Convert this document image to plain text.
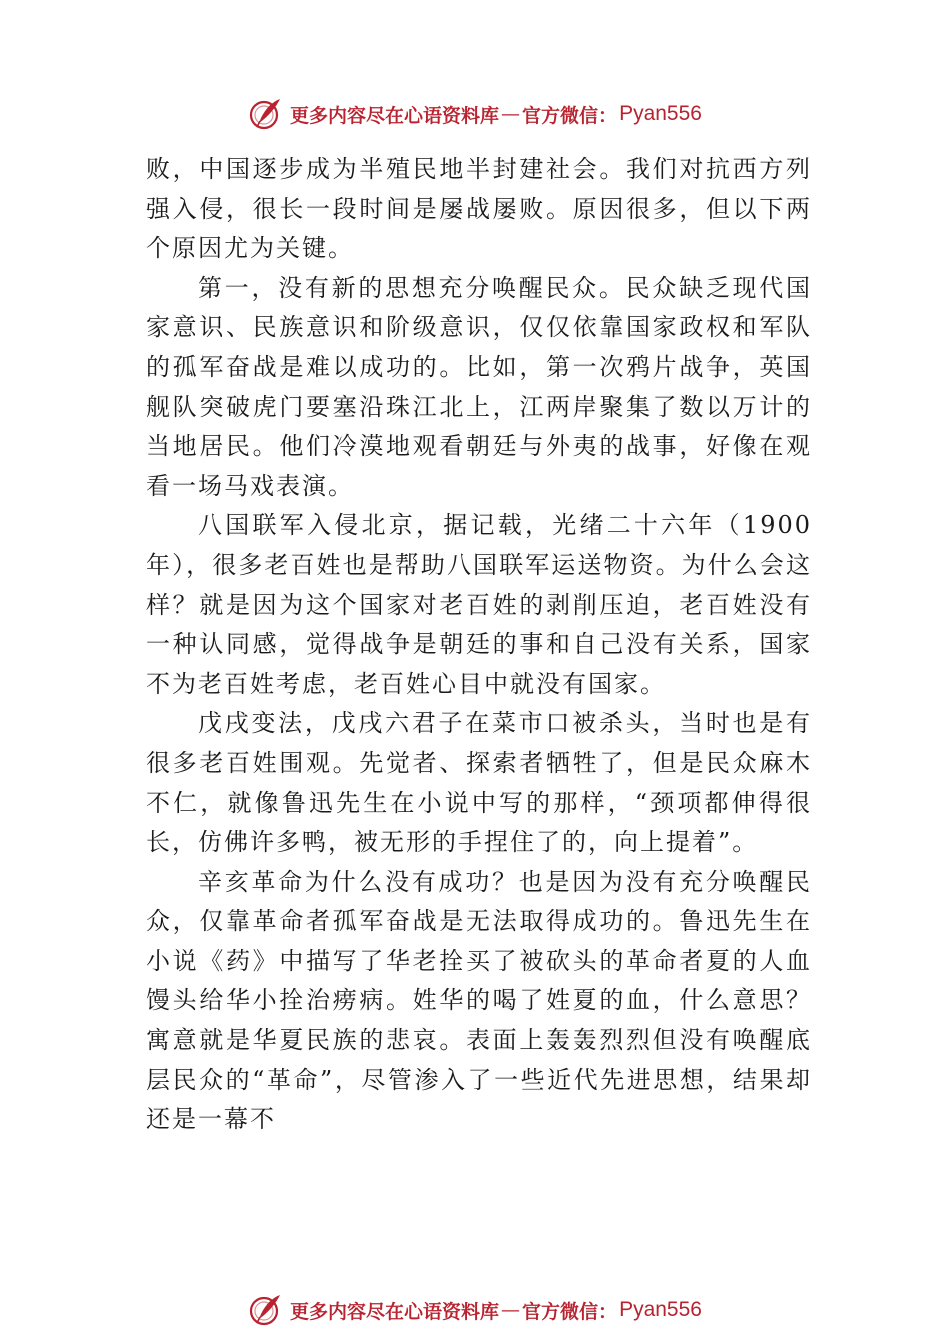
更多内容尽在心语资料库 — 官方微信： Pyan556

败，中国逐步成为半殖民地半封建社会。我们对抗西方列强入侵，很长一段时间是屡战屡败。原因很多，但以下两个原因尤为关键。

第一，没有新的思想充分唤醒民众。民众缺乏现代国家意识、民族意识和阶级意识，仅仅依靠国家政权和军队的孤军奋战是难以成功的。比如，第一次鸦片战争，英国舰队突破虎门要塞沿珠江北上，江两岸聚集了数以万计的当地居民。他们冷漠地观看朝廷与外夷的战事，好像在观看一场马戏表演。

八国联军入侵北京，据记载，光绪二十六年（1900 年），很多老百姓也是帮助八国联军运送物资。为什么会这样？就是因为这个国家对老百姓的剥削压迫，老百姓没有一种认同感，觉得战争是朝廷的事和自己没有关系，国家不为老百姓考虑，老百姓心目中就没有国家。

戊戌变法，戊戌六君子在菜市口被杀头，当时也是有很多老百姓围观。先觉者、探索者牺牲了，但是民众麻木不仁，就像鲁迅先生在小说中写的那样，“颈项都伸得很长，仿佛许多鸭，被无形的手捏住了的，向上提着”。

辛亥革命为什么没有成功？也是因为没有充分唤醒民众，仅靠革命者孤军奋战是无法取得成功的。鲁迅先生在小说《药》中描写了华老拴买了被砍头的革命者夏的人血馒头给华小拴治痨病。姓华的喝了姓夏的血，什么意思？寓意就是华夏民族的悲哀。表面上轰轰烈烈但没有唤醒底层民众的“革命”，尽管渗入了一些近代先进思想，结果却还是一幕不

更多内容尽在心语资料库 — 官方微信： Pyan556
